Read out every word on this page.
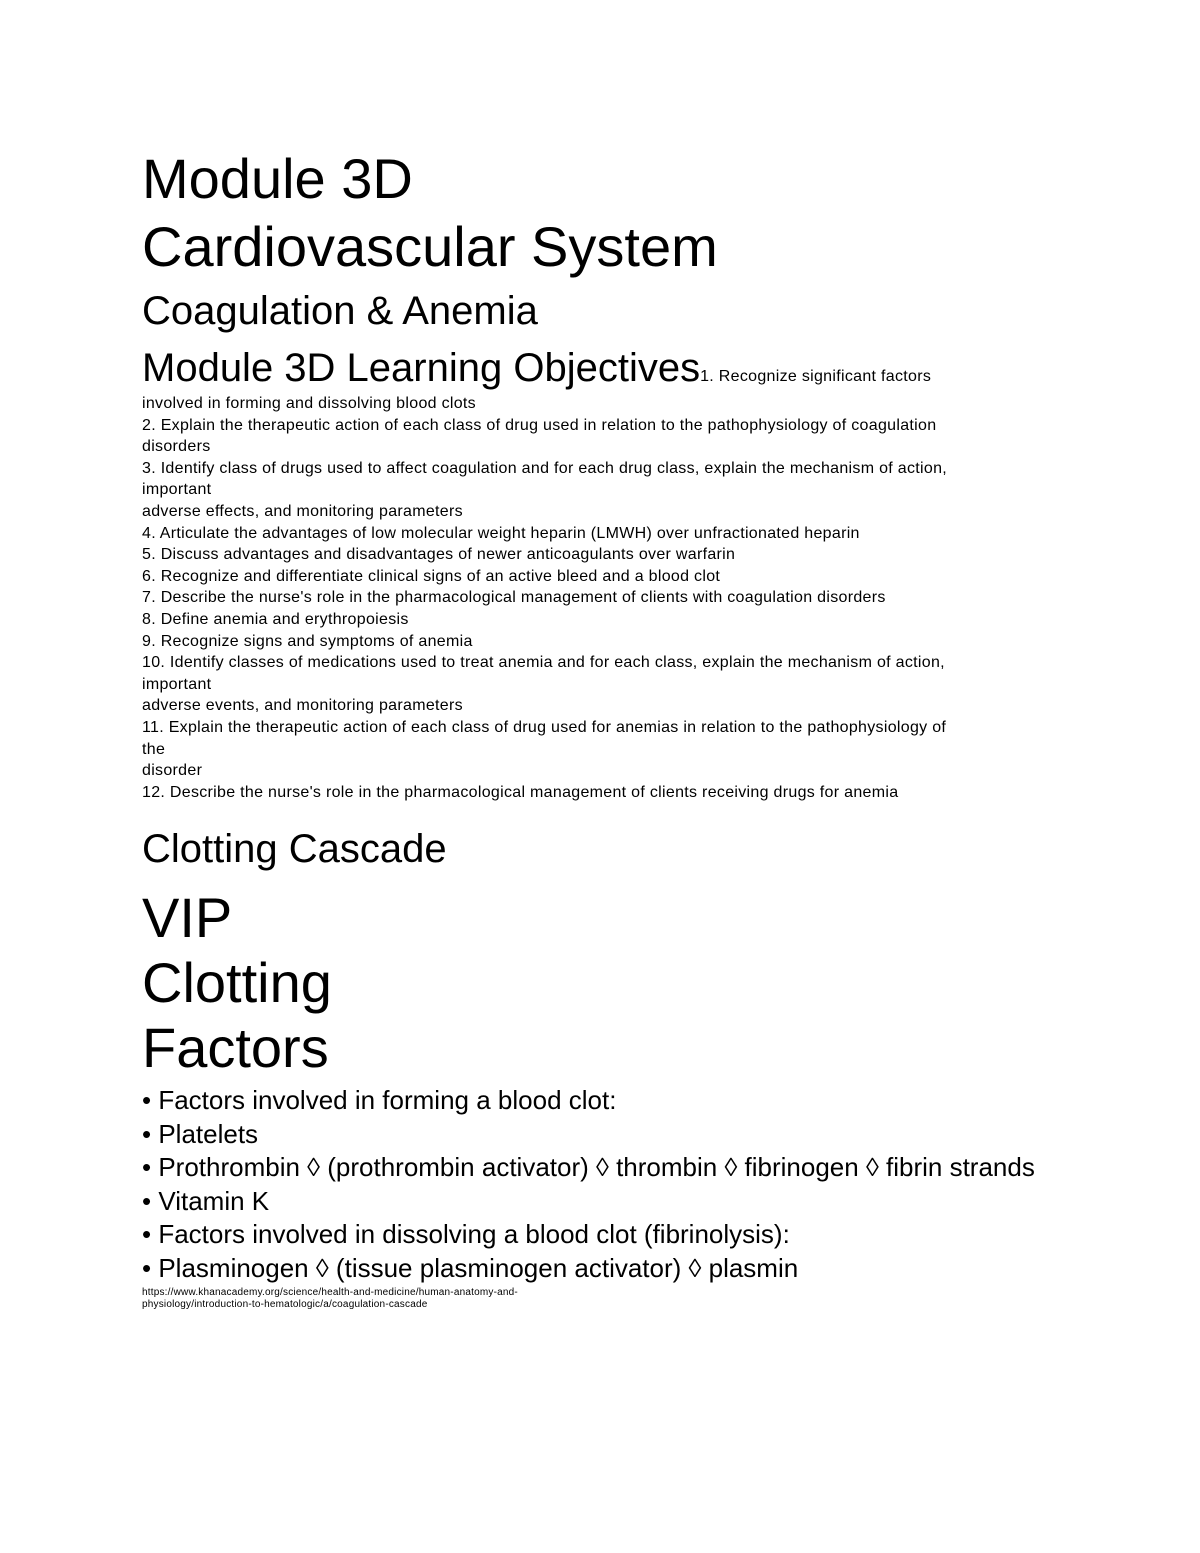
Module 3D
Cardiovascular System
Coagulation & Anemia
Module 3D Learning Objectives1. Recognize significant factors
involved in forming and dissolving blood clots
2. Explain the therapeutic action of each class of drug used in relation to the pathophysiology of coagulation
disorders
3. Identify class of drugs used to affect coagulation and for each drug class, explain the mechanism of action,
important
adverse effects, and monitoring parameters
4. Articulate the advantages of low molecular weight heparin (LMWH) over unfractionated heparin
5. Discuss advantages and disadvantages of newer anticoagulants over warfarin
6. Recognize and differentiate clinical signs of an active bleed and a blood clot
7. Describe the nurse's role in the pharmacological management of clients with coagulation disorders
8. Define anemia and erythropoiesis
9. Recognize signs and symptoms of anemia
10. Identify classes of medications used to treat anemia and for each class, explain the mechanism of action,
important
adverse events, and monitoring parameters
11. Explain the therapeutic action of each class of drug used for anemias in relation to the pathophysiology of
the
disorder
12. Describe the nurse's role in the pharmacological management of clients receiving drugs for anemia
Clotting Cascade
VIP
Clotting
Factors
• Factors involved in forming a blood clot:
• Platelets
• Prothrombin ◊ (prothrombin activator) ◊ thrombin ◊ fibrinogen ◊ fibrin strands
• Vitamin K
• Factors involved in dissolving a blood clot (fibrinolysis):
• Plasminogen ◊ (tissue plasminogen activator) ◊ plasmin
https://www.khanacademy.org/science/health-and-medicine/human-anatomy-and-
physiology/introduction-to-hematologic/a/coagulation-cascade
